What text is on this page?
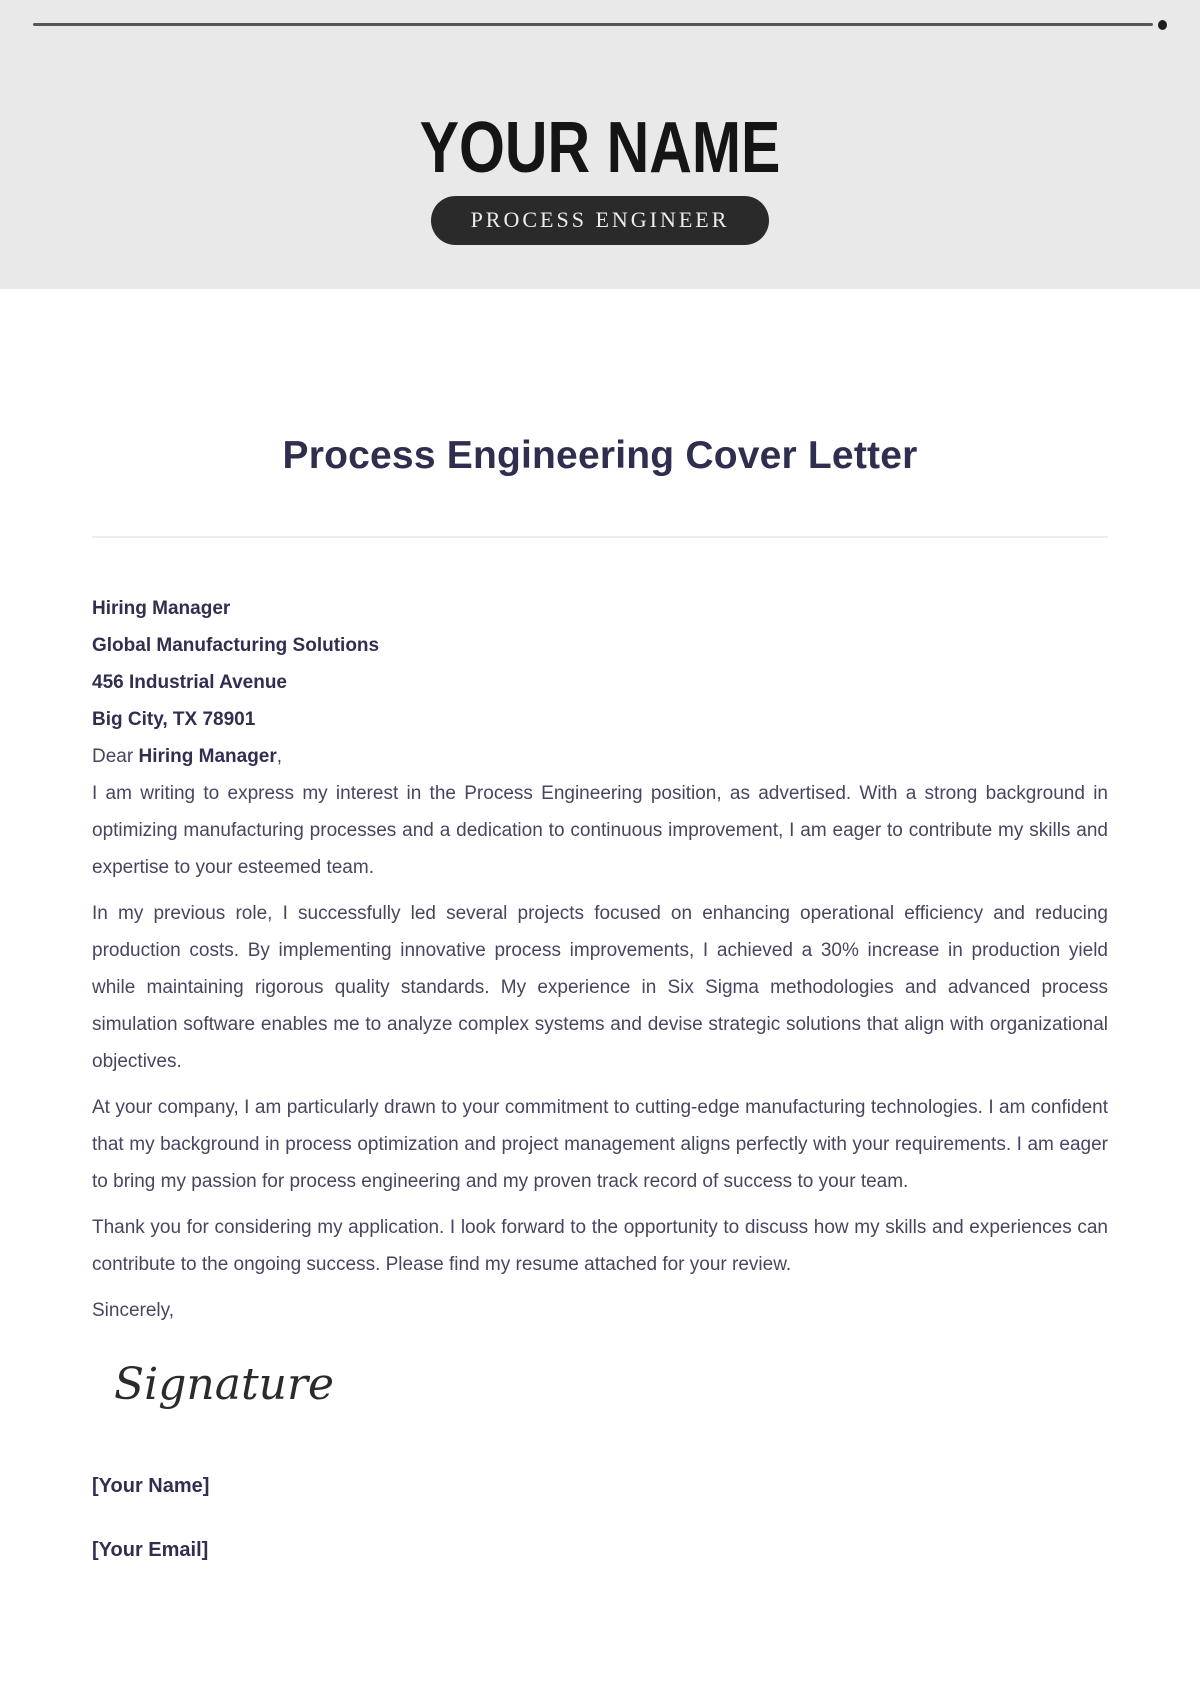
YOUR NAME
PROCESS ENGINEER
Process Engineering Cover Letter
Hiring Manager
Global Manufacturing Solutions
456 Industrial Avenue
Big City, TX 78901

Dear Hiring Manager,

I am writing to express my interest in the Process Engineering position, as advertised. With a strong background in optimizing manufacturing processes and a dedication to continuous improvement, I am eager to contribute my skills and expertise to your esteemed team.

In my previous role, I successfully led several projects focused on enhancing operational efficiency and reducing production costs. By implementing innovative process improvements, I achieved a 30% increase in production yield while maintaining rigorous quality standards. My experience in Six Sigma methodologies and advanced process simulation software enables me to analyze complex systems and devise strategic solutions that align with organizational objectives.

At your company, I am particularly drawn to your commitment to cutting-edge manufacturing technologies. I am confident that my background in process optimization and project management aligns perfectly with your requirements. I am eager to bring my passion for process engineering and my proven track record of success to your team.

Thank you for considering my application. I look forward to the opportunity to discuss how my skills and experiences can contribute to the ongoing success. Please find my resume attached for your review.

Sincerely,

Signature
[Your Name]
[Your Email]
